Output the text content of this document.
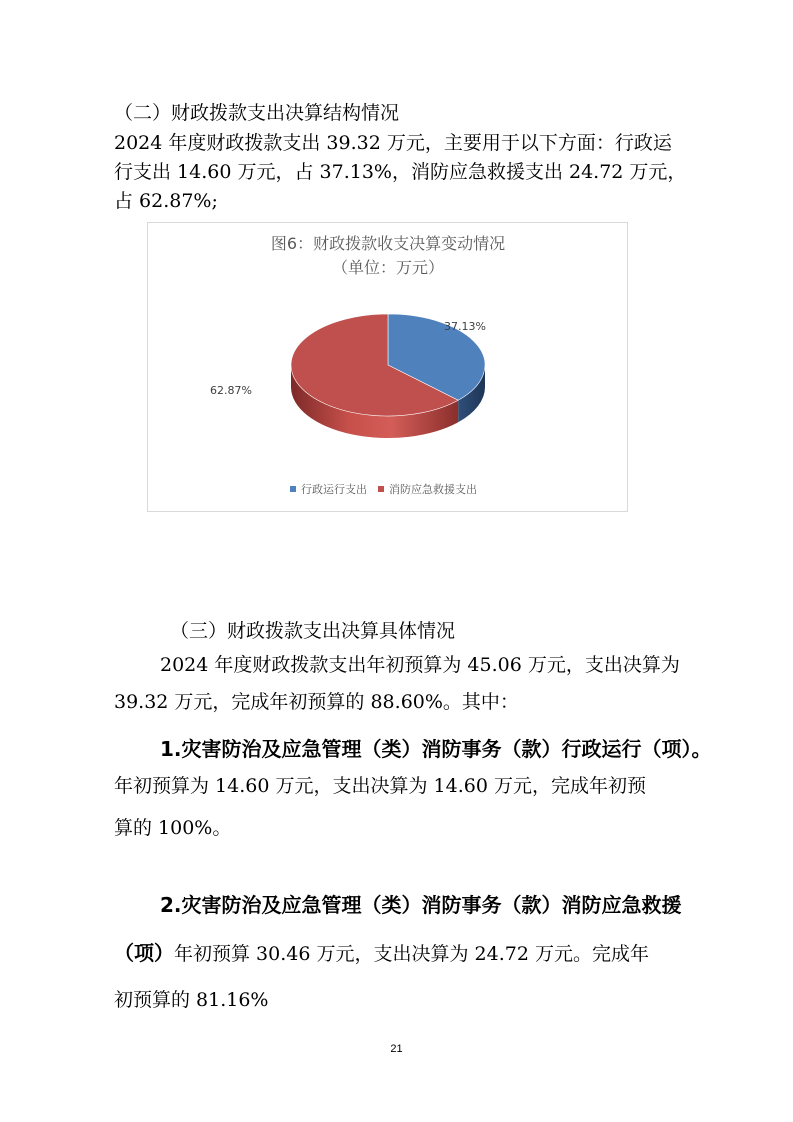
（二）财政拨款支出决算结构情况
2024 年度财政拨款支出 39.32 万元，主要用于以下方面：行政运
行支出 14.60 万元，占 37.13%，消防应急救援支出 24.72 万元，
占 62.87%;
图6：财政拨款收支决算变动情况
（单位：万元）
37.13%
62.87%
行政运行支出 消防应急救援支出
（三）财政拨款支出决算具体情况
2024 年度财政拨款支出年初预算为 45.06 万元，支出决算为
39.32 万元，完成年初预算的 88.60%。其中：
1.灾害防治及应急管理（类）消防事务（款）行政运行（项）。
年初预算为 14.60 万元，支出决算为 14.60 万元，完成年初预
算的 100%。
2.灾害防治及应急管理（类）消防事务（款）消防应急救援
（项）年初预算 30.46 万元，支出决算为 24.72 万元。完成年
初预算的 81.16%
21
